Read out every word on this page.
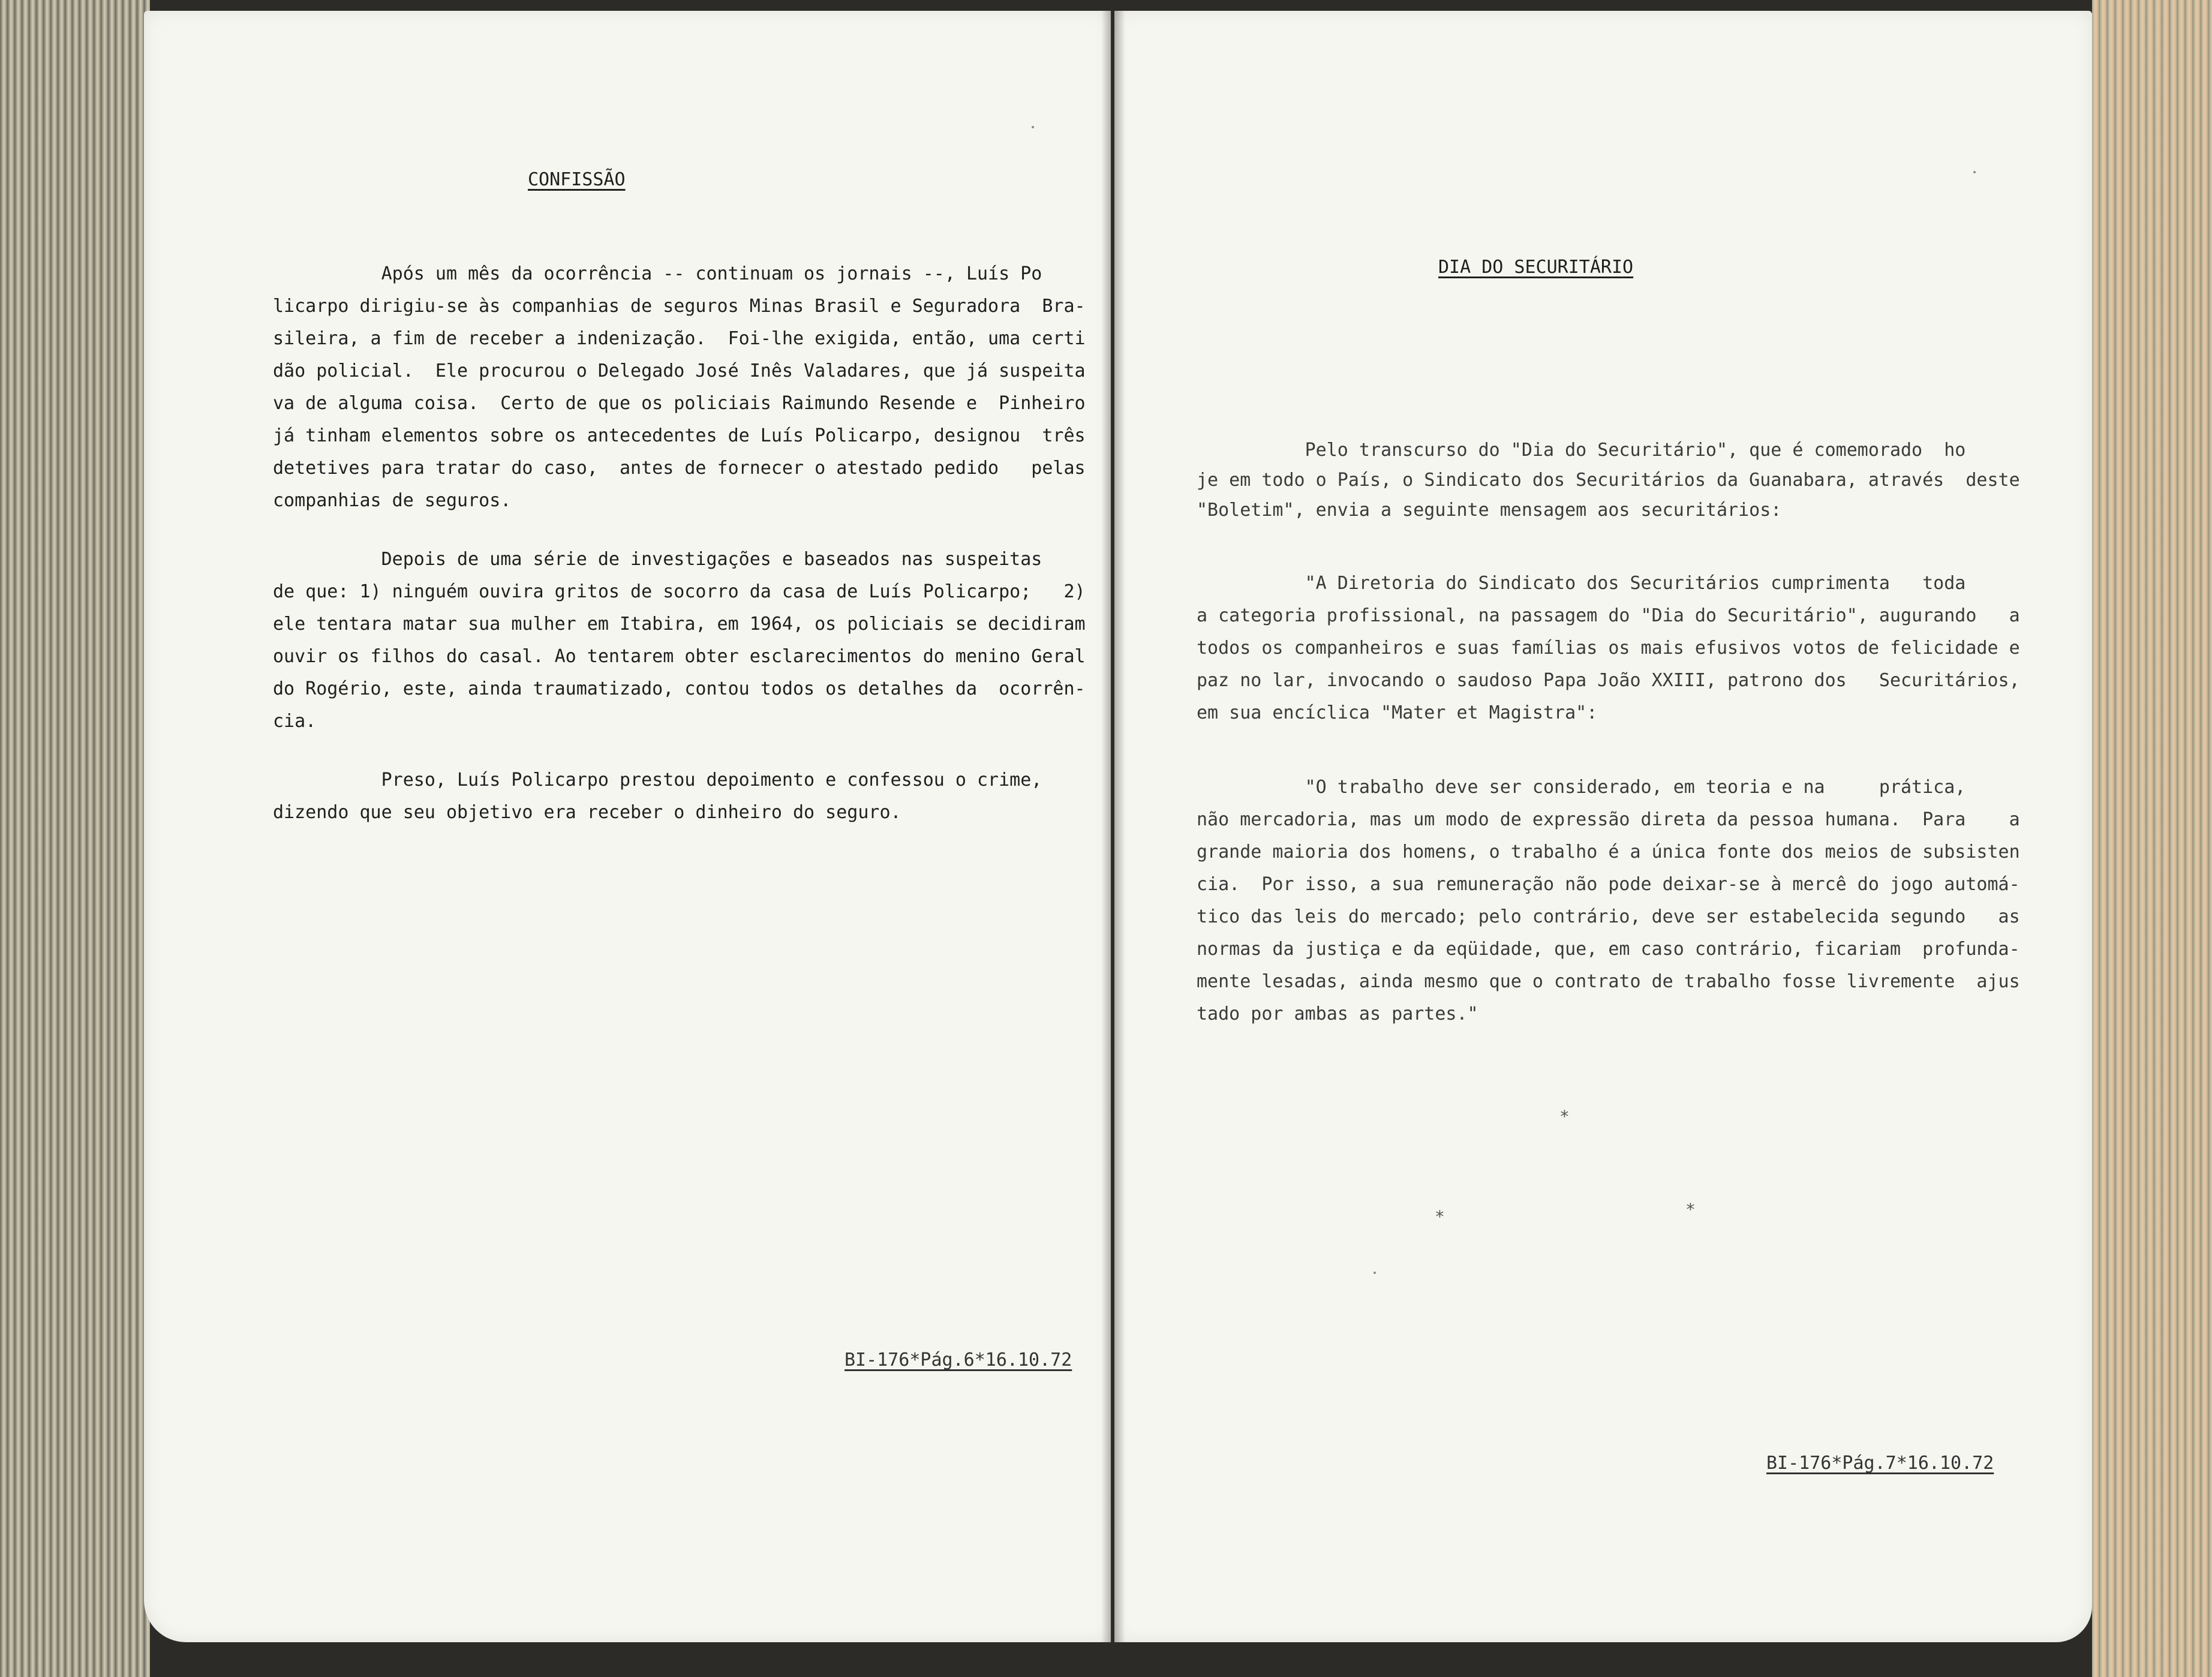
CONFISSÃO
Após um mês da ocorrência -- continuam os jornais --, Luís Po
licarpo dirigiu-se às companhias de seguros Minas Brasil e Seguradora  Bra-
sileira, a fim de receber a indenização.  Foi-lhe exigida, então, uma certi
dão policial.  Ele procurou o Delegado José Inês Valadares, que já suspeita
va de alguma coisa.  Certo de que os policiais Raimundo Resende e  Pinheiro
já tinham elementos sobre os antecedentes de Luís Policarpo, designou  três
detetives para tratar do caso,  antes de fornecer o atestado pedido   pelas
companhias de seguros.
Depois de uma série de investigações e baseados nas suspeitas
de que: 1) ninguém ouvira gritos de socorro da casa de Luís Policarpo;   2)
ele tentara matar sua mulher em Itabira, em 1964, os policiais se decidiram
ouvir os filhos do casal. Ao tentarem obter esclarecimentos do menino Geral
do Rogério, este, ainda traumatizado, contou todos os detalhes da  ocorrên-
cia.
Preso, Luís Policarpo prestou depoimento e confessou o crime,
dizendo que seu objetivo era receber o dinheiro do seguro.
BI-176*Pág.6*16.10.72
DIA DO SECURITÁRIO
Pelo transcurso do "Dia do Securitário", que é comemorado  ho
je em todo o País, o Sindicato dos Securitários da Guanabara, através  deste
"Boletim", envia a seguinte mensagem aos securitários:
"A Diretoria do Sindicato dos Securitários cumprimenta   toda
a categoria profissional, na passagem do "Dia do Securitário", augurando   a
todos os companheiros e suas famílias os mais efusivos votos de felicidade e
paz no lar, invocando o saudoso Papa João XXIII, patrono dos   Securitários,
em sua encíclica "Mater et Magistra":
"O trabalho deve ser considerado, em teoria e na     prática,
não mercadoria, mas um modo de expressão direta da pessoa humana.  Para    a
grande maioria dos homens, o trabalho é a única fonte dos meios de subsisten
cia.  Por isso, a sua remuneração não pode deixar-se à mercê do jogo automá-
tico das leis do mercado; pelo contrário, deve ser estabelecida segundo   as
normas da justiça e da eqüidade, que, em caso contrário, ficariam  profunda-
mente lesadas, ainda mesmo que o contrato de trabalho fosse livremente  ajus
tado por ambas as partes."
*
*	*
BI-176*Pág.7*16.10.72
